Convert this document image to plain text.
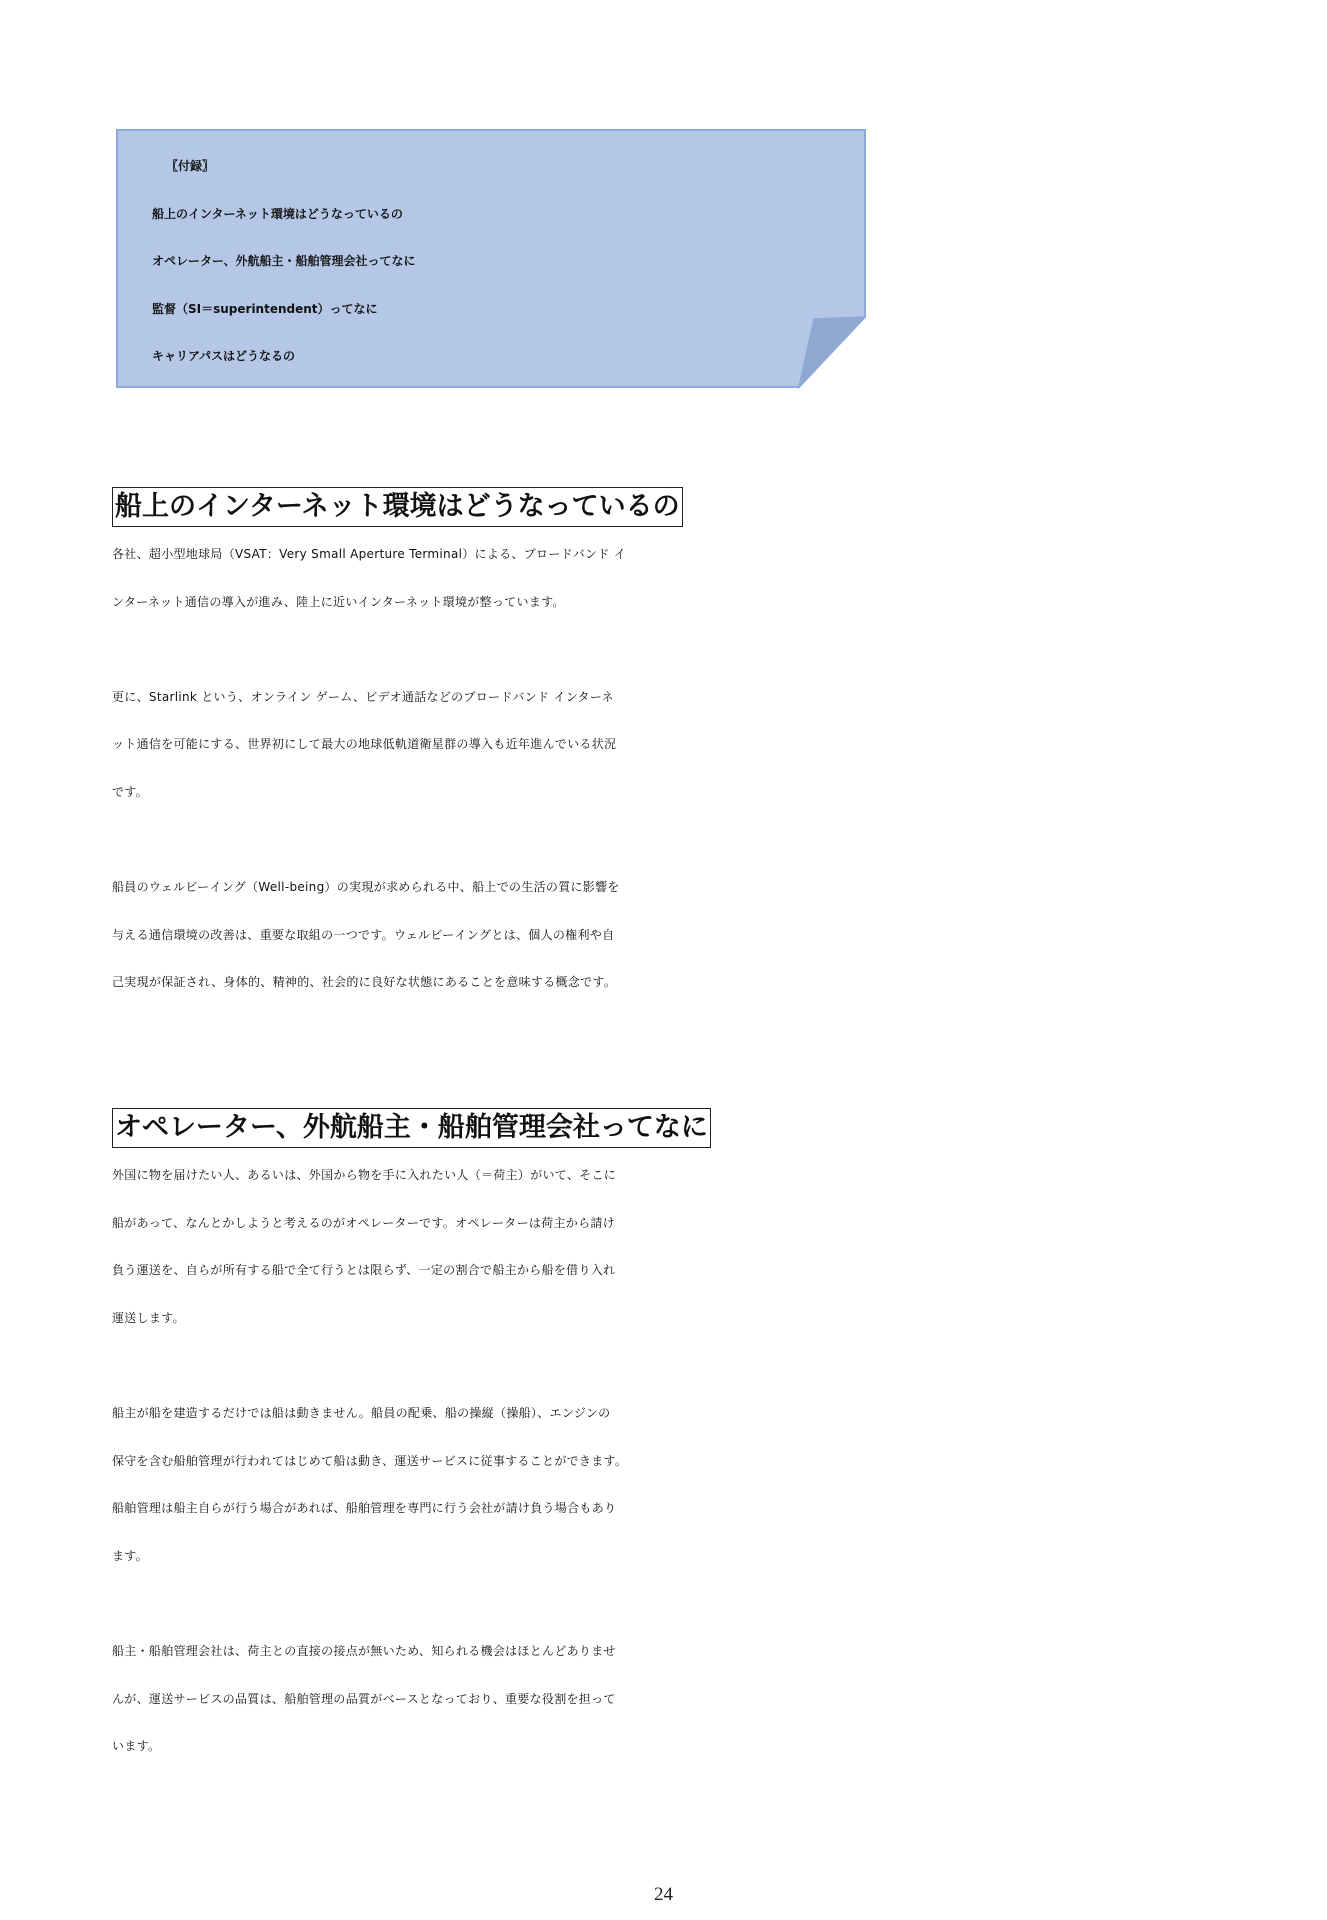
〖付録〗
船上のインターネット環境はどうなっているの
オペレーター、外航船主・船舶管理会社ってなに
監督（SI＝superintendent）ってなに
キャリアパスはどうなるの
船上のインターネット環境はどうなっているの
各社、超小型地球局（VSAT：Very Small Aperture Terminal）による、ブロードバンド イ
ンターネット通信の導入が進み、陸上に近いインターネット環境が整っています。
更に、Starlink という、オンライン ゲーム、ビデオ通話などのブロードバンド インターネ
ット通信を可能にする、世界初にして最大の地球低軌道衛星群の導入も近年進んでいる状況
です。
船員のウェルビーイング（Well-being）の実現が求められる中、船上での生活の質に影響を
与える通信環境の改善は、重要な取組の一つです。ウェルビーイングとは、個人の権利や自
己実現が保証され、身体的、精神的、社会的に良好な状態にあることを意味する概念です。
オペレーター、外航船主・船舶管理会社ってなに
外国に物を届けたい人、あるいは、外国から物を手に入れたい人（＝荷主）がいて、そこに
船があって、なんとかしようと考えるのがオペレーターです。オペレーターは荷主から請け
負う運送を、自らが所有する船で全て行うとは限らず、一定の割合で船主から船を借り入れ
運送します。
船主が船を建造するだけでは船は動きません。船員の配乗、船の操縦（操船）、エンジンの
保守を含む船舶管理が行われてはじめて船は動き、運送サービスに従事することができます。
船舶管理は船主自らが行う場合があれば、船舶管理を専門に行う会社が請け負う場合もあり
ます。
船主・船舶管理会社は、荷主との直接の接点が無いため、知られる機会はほとんどありませ
んが、運送サービスの品質は、船舶管理の品質がベースとなっており、重要な役割を担って
います。
24
